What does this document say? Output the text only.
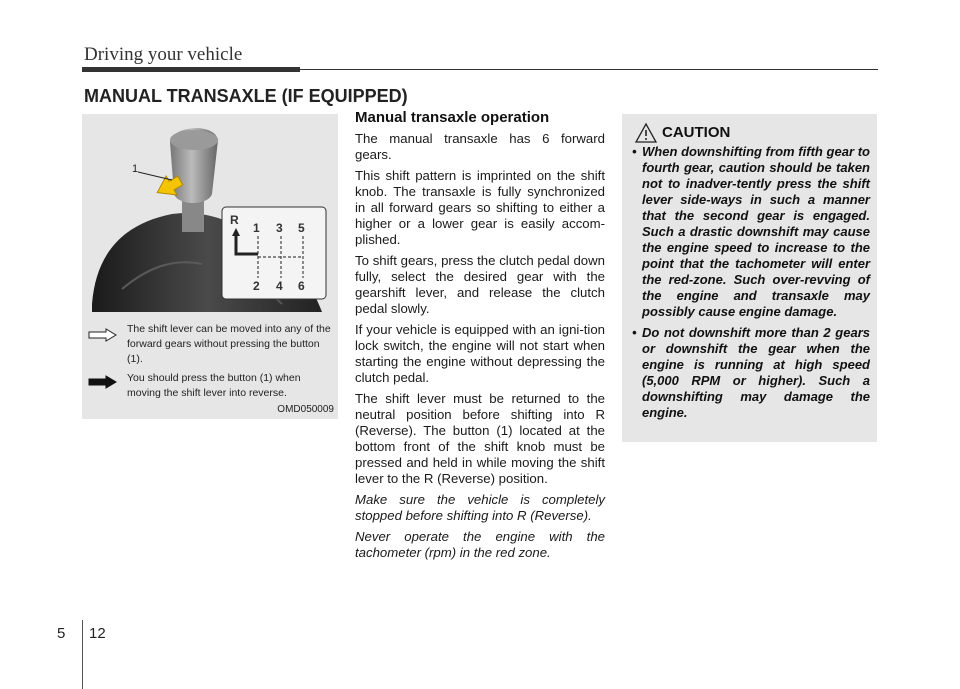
Driving your vehicle
MANUAL TRANSAXLE (IF EQUIPPED)
1
R
1 3 5
2 4 6
The shift lever can be moved into any of the forward gears without pressing the button (1).
You should press the button (1) when moving the shift lever into reverse.
OMD050009
Manual transaxle operation

The manual transaxle has 6 forward gears.

This shift pattern is imprinted on the shift knob. The transaxle is fully synchronized in all forward gears so shifting to either a higher or a lower gear is easily accom-plished.

To shift gears, press the clutch pedal down fully, select the desired gear with the gearshift lever, and release the clutch pedal slowly.

If your vehicle is equipped with an igni-tion lock switch, the engine will not start when starting the engine without depressing the clutch pedal.

The shift lever must be returned to the neutral position before shifting into R (Reverse). The button (1) located at the bottom front of the shift knob must be pressed and held in while moving the shift lever to the R (Reverse) position.

Make sure the vehicle is completely stopped before shifting into R (Reverse).

Never operate the engine with the tachometer (rpm) in the red zone.

CAUTION
• When downshifting from fifth gear to fourth gear, caution should be taken not to inadver-tently press the shift lever side-ways in such a manner that the second gear is engaged. Such a drastic downshift may cause the engine speed to increase to the point that the tachometer will enter the red-zone. Such over-revving of the engine and transaxle may possibly cause engine damage.
• Do not downshift more than 2 gears or downshift the gear when the engine is running at high speed (5,000 RPM or higher). Such a downshifting may damage the engine.
5 12
